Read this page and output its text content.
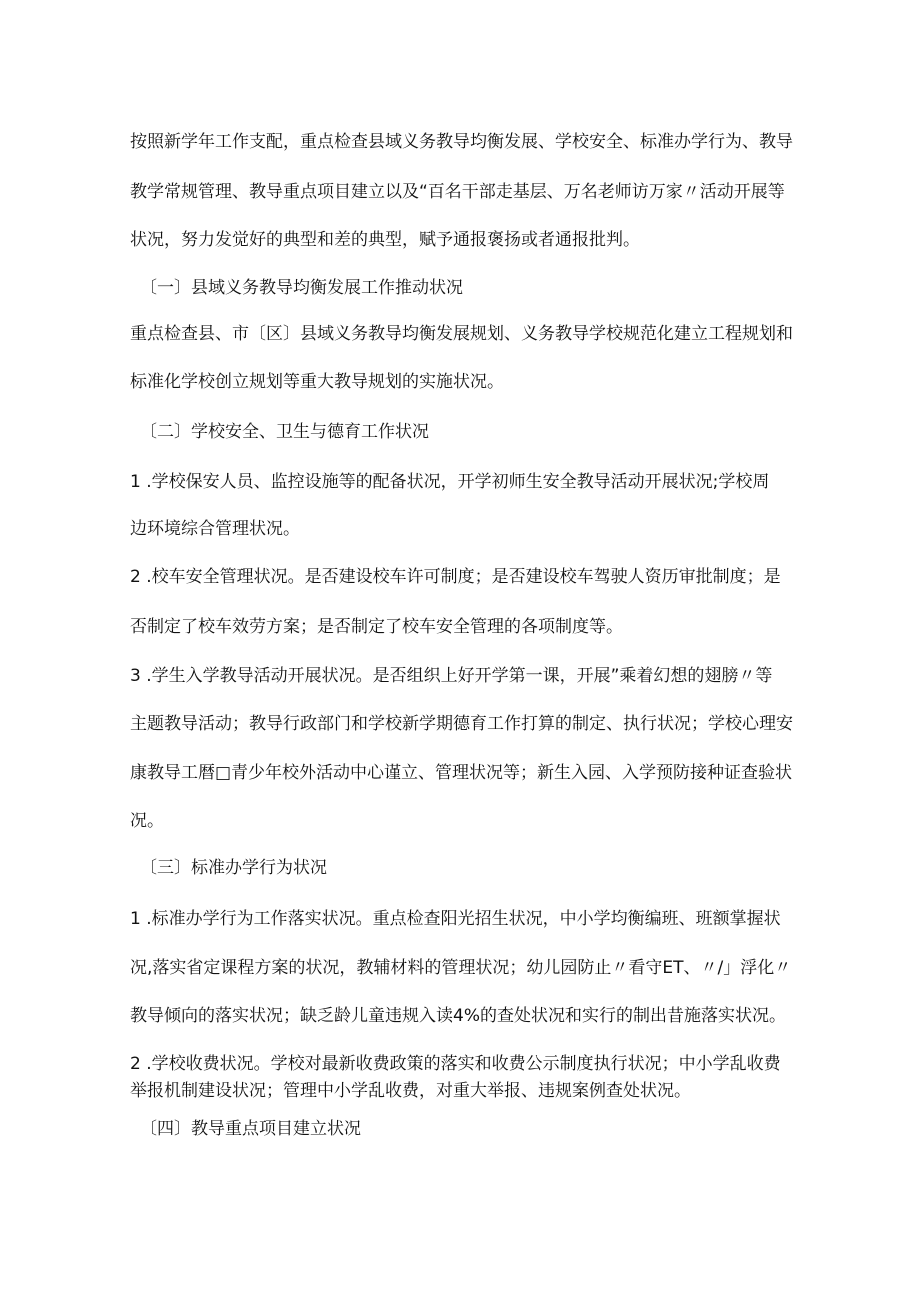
按照新学年工作支配，重点检查县域义务教导均衡发展、学校安全、标准办学行为、教导

教学常规管理、教导重点项目建立以及“百名干部走基层、万名老师访万家〃活动开展等

状况，努力发觉好的典型和差的典型，赋予通报褒扬或者通报批判。

〔一〕县域义务教导均衡发展工作推动状况

重点检查县、市〔区〕县域义务教导均衡发展规划、义务教导学校规范化建立工程规划和

标准化学校创立规划等重大教导规划的实施状况。

〔二〕学校安全、卫生与德育工作状况

1 .学校保安人员、监控设施等的配备状况，开学初师生安全教导活动开展状况;学校周

边环境综合管理状况。

2 .校车安全管理状况。是否建设校车许可制度；是否建设校车驾驶人资历审批制度；是

否制定了校车效劳方案；是否制定了校车安全管理的各项制度等。

3 .学生入学教导活动开展状况。是否组织上好开学第一课，开展”乘着幻想的翅膀〃等

主题教导活动；教导行政部门和学校新学期德育工作打算的制定、执行状况；学校心理安

康教导工暦□青少年校外活动中心谨立、管理状况等；新生入园、入学预防接种证查验状

况。

〔三〕标准办学行为状况

1 .标准办学行为工作落实状况。重点检查阳光招生状况，中小学均衡编班、班额掌握状

况,落实省定课程方案的状况，教辅材料的管理状况；幼儿园防止〃看守ET、〃/」浮化〃

教导倾向的落实状况；缺乏龄儿童违规入读4%的查处状况和实行的制出昔施落实状况。

2 .学校收费状况。学校对最新收费政策的落实和收费公示制度执行状况；中小学乱收费

举报机制建设状况；管理中小学乱收费，对重大举报、违规案例查处状况。

〔四〕教导重点项目建立状况
